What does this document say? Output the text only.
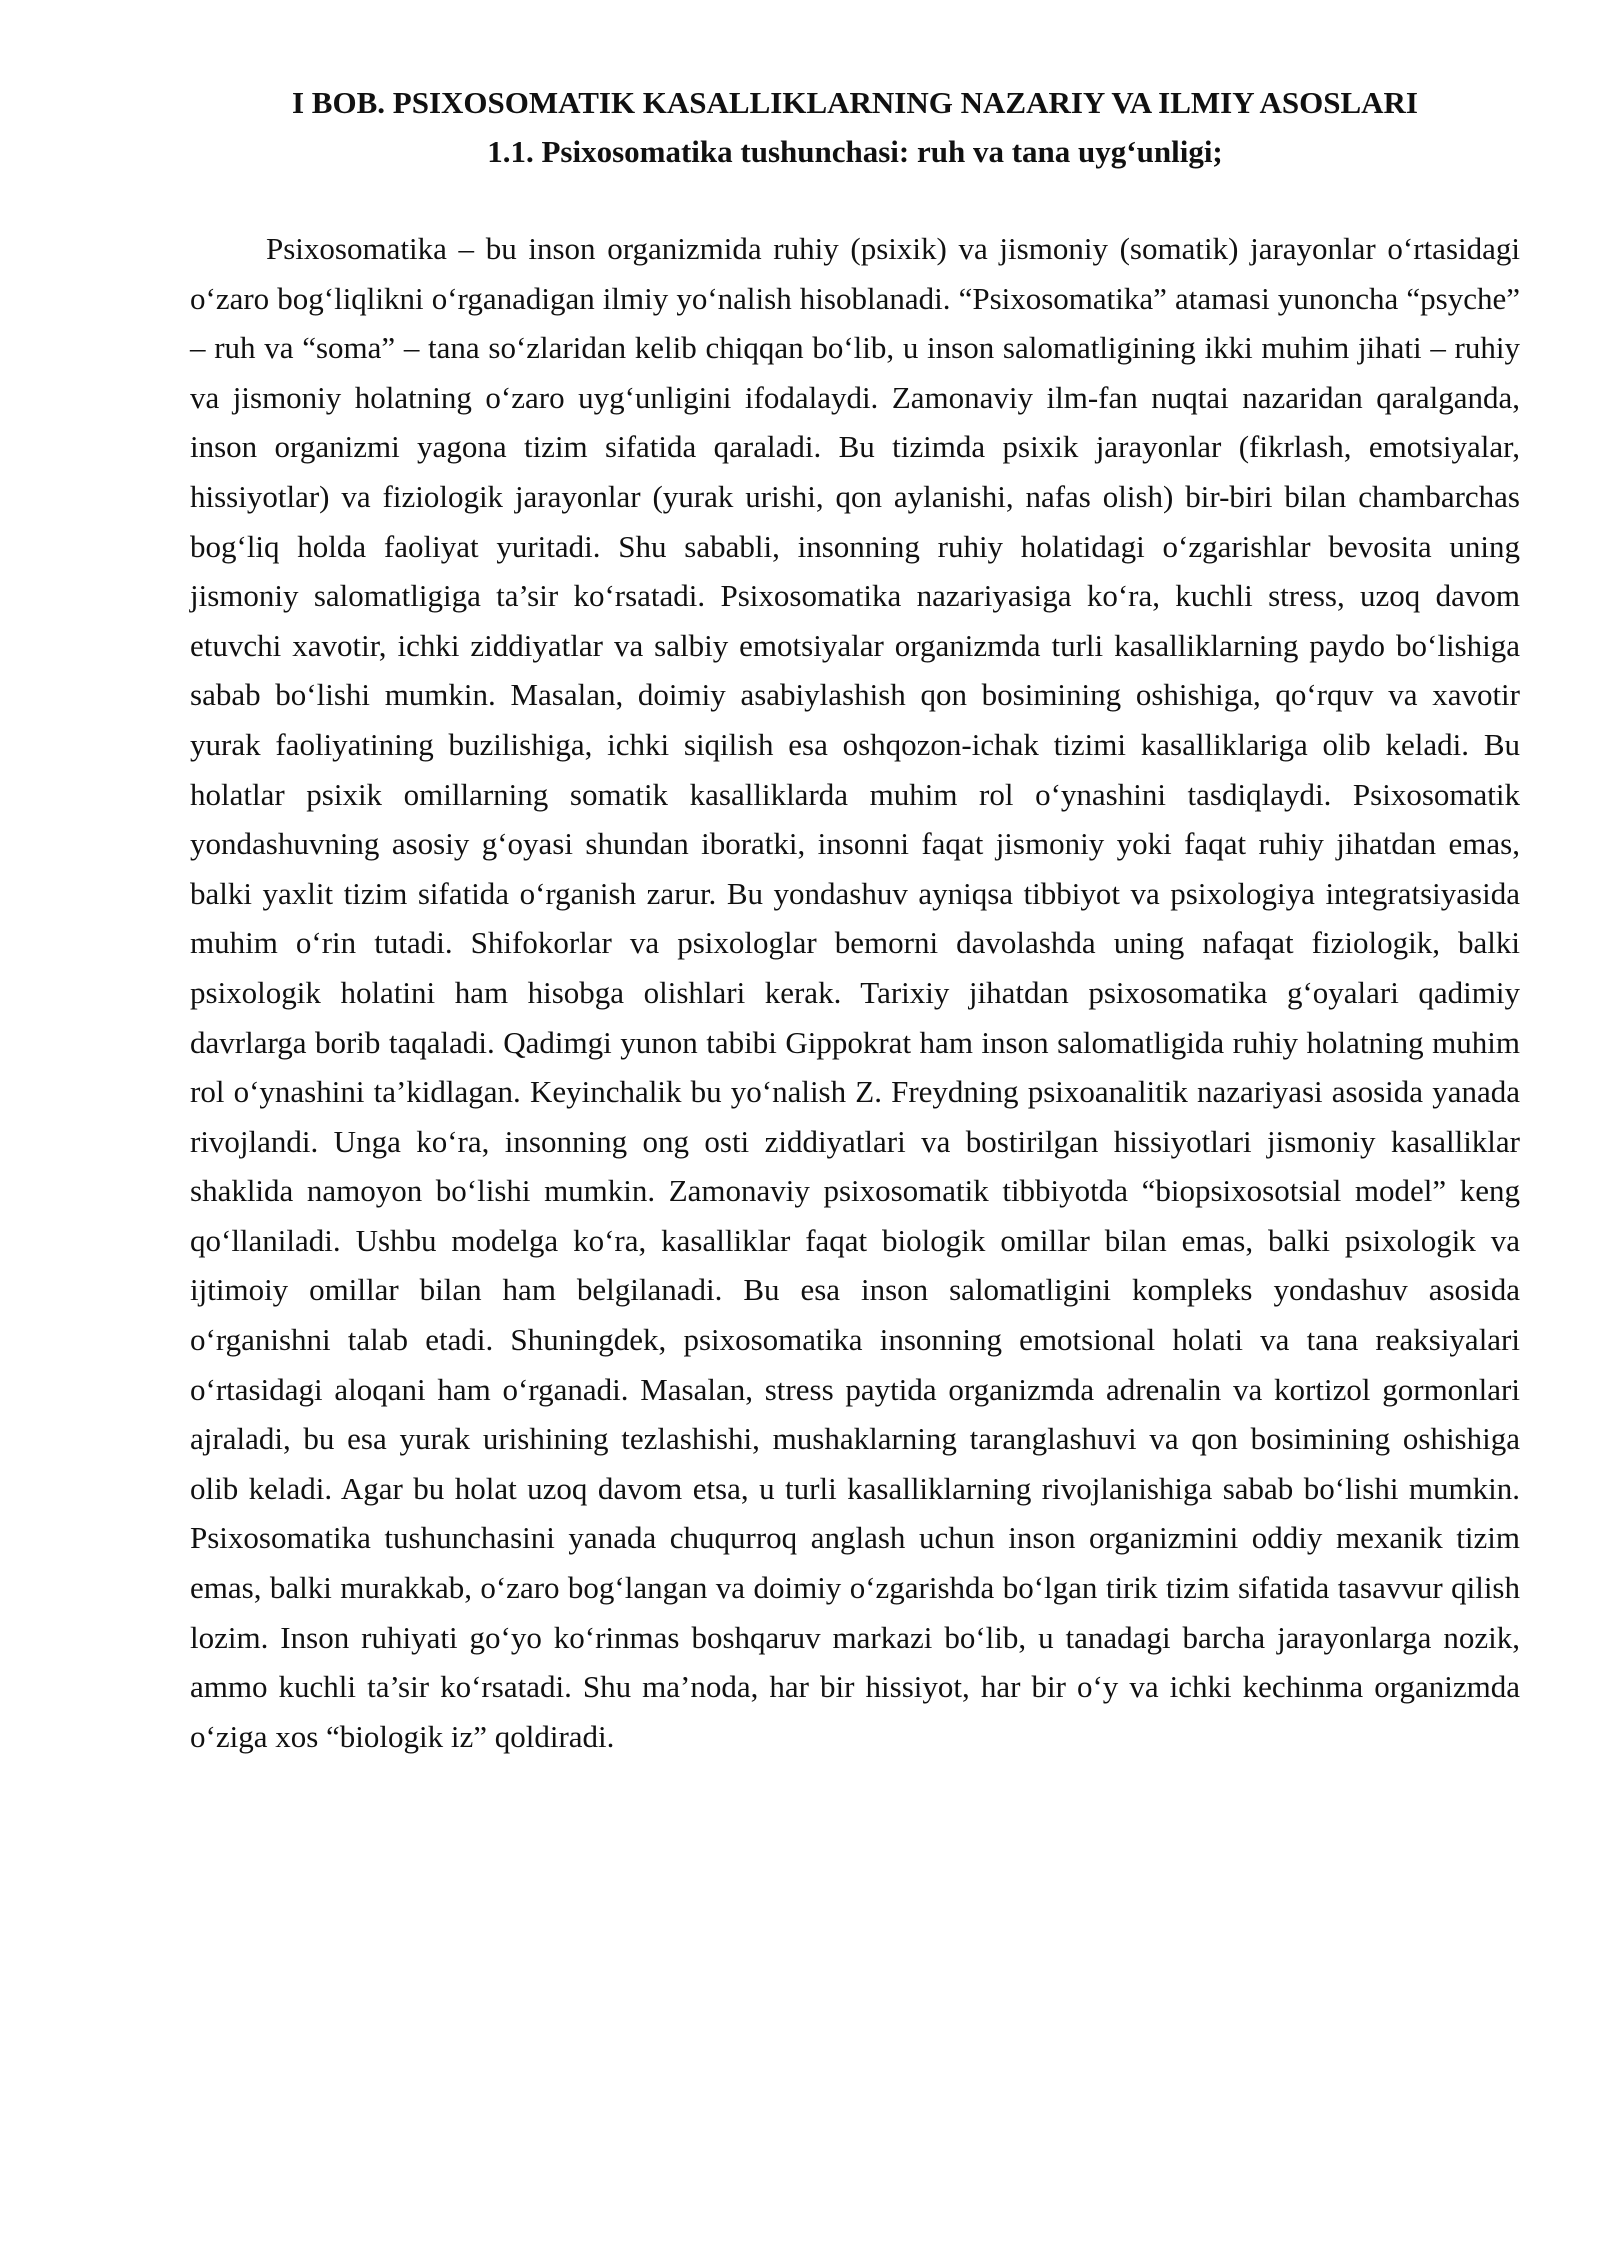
I BOB. PSIXOSOMATIK KASALLIKLARNING NAZARIY VA ILMIY ASOSLARI
1.1. Psixosomatika tushunchasi: ruh va tana uygʻunligi;

Psixosomatika – bu inson organizmida ruhiy (psixik) va jismoniy (somatik) jarayonlar oʻrtasidagi oʻzaro bogʻliqlikni oʻrganadigan ilmiy yoʻnalish hisoblanadi. “Psixosomatika” atamasi yunoncha “psyche” – ruh va “soma” – tana soʻzlaridan kelib chiqqan boʻlib, u inson salomatligining ikki muhim jihati – ruhiy va jismoniy holatning oʻzaro uygʻunligini ifodalaydi. Zamonaviy ilm-fan nuqtai nazaridan qaralganda, inson organizmi yagona tizim sifatida qaraladi. Bu tizimda psixik jarayonlar (fikrlash, emotsiyalar, hissiyotlar) va fiziologik jarayonlar (yurak urishi, qon aylanishi, nafas olish) bir-biri bilan chambarchas bogʻliq holda faoliyat yuritadi. Shu sababli, insonning ruhiy holatidagi oʻzgarishlar bevosita uning jismoniy salomatligiga ta’sir koʻrsatadi. Psixosomatika nazariyasiga koʻra, kuchli stress, uzoq davom etuvchi xavotir, ichki ziddiyatlar va salbiy emotsiyalar organizmda turli kasalliklarning paydo boʻlishiga sabab boʻlishi mumkin. Masalan, doimiy asabiylashish qon bosimining oshishiga, qoʻrquv va xavotir yurak faoliyatining buzilishiga, ichki siqilish esa oshqozon-ichak tizimi kasalliklariga olib keladi. Bu holatlar psixik omillarning somatik kasalliklarda muhim rol oʻynashini tasdiqlaydi. Psixosomatik yondashuvning asosiy gʻoyasi shundan iboratki, insonni faqat jismoniy yoki faqat ruhiy jihatdan emas, balki yaxlit tizim sifatida oʻrganish zarur. Bu yondashuv ayniqsa tibbiyot va psixologiya integratsiyasida muhim oʻrin tutadi. Shifokorlar va psixologlar bemorni davolashda uning nafaqat fiziologik, balki psixologik holatini ham hisobga olishlari kerak. Tarixiy jihatdan psixosomatika gʻoyalari qadimiy davrlarga borib taqaladi. Qadimgi yunon tabibi Gippokrat ham inson salomatligida ruhiy holatning muhim rol oʻynashini ta’kidlagan. Keyinchalik bu yoʻnalish Z. Freydning psixoanalitik nazariyasi asosida yanada rivojlandi. Unga koʻra, insonning ong osti ziddiyatlari va bostirilgan hissiyotlari jismoniy kasalliklar shaklida namoyon boʻlishi mumkin. Zamonaviy psixosomatik tibbiyotda “biopsixosotsial model” keng qoʻllaniladi. Ushbu modelga koʻra, kasalliklar faqat biologik omillar bilan emas, balki psixologik va ijtimoiy omillar bilan ham belgilanadi. Bu esa inson salomatligini kompleks yondashuv asosida oʻrganishni talab etadi. Shuningdek, psixosomatika insonning emotsional holati va tana reaksiyalari oʻrtasidagi aloqani ham oʻrganadi. Masalan, stress paytida organizmda adrenalin va kortizol gormonlari ajraladi, bu esa yurak urishining tezlashishi, mushaklarning taranglashuvi va qon bosimining oshishiga olib keladi. Agar bu holat uzoq davom etsa, u turli kasalliklarning rivojlanishiga sabab boʻlishi mumkin. Psixosomatika tushunchasini yanada chuqurroq anglash uchun inson organizmini oddiy mexanik tizim emas, balki murakkab, oʻzaro bogʻlangan va doimiy oʻzgarishda boʻlgan tirik tizim sifatida tasavvur qilish lozim. Inson ruhiyati goʻyo koʻrinmas boshqaruv markazi boʻlib, u tanadagi barcha jarayonlarga nozik, ammo kuchli ta’sir koʻrsatadi. Shu ma’noda, har bir hissiyot, har bir oʻy va ichki kechinma organizmda oʻziga xos “biologik iz” qoldiradi.
